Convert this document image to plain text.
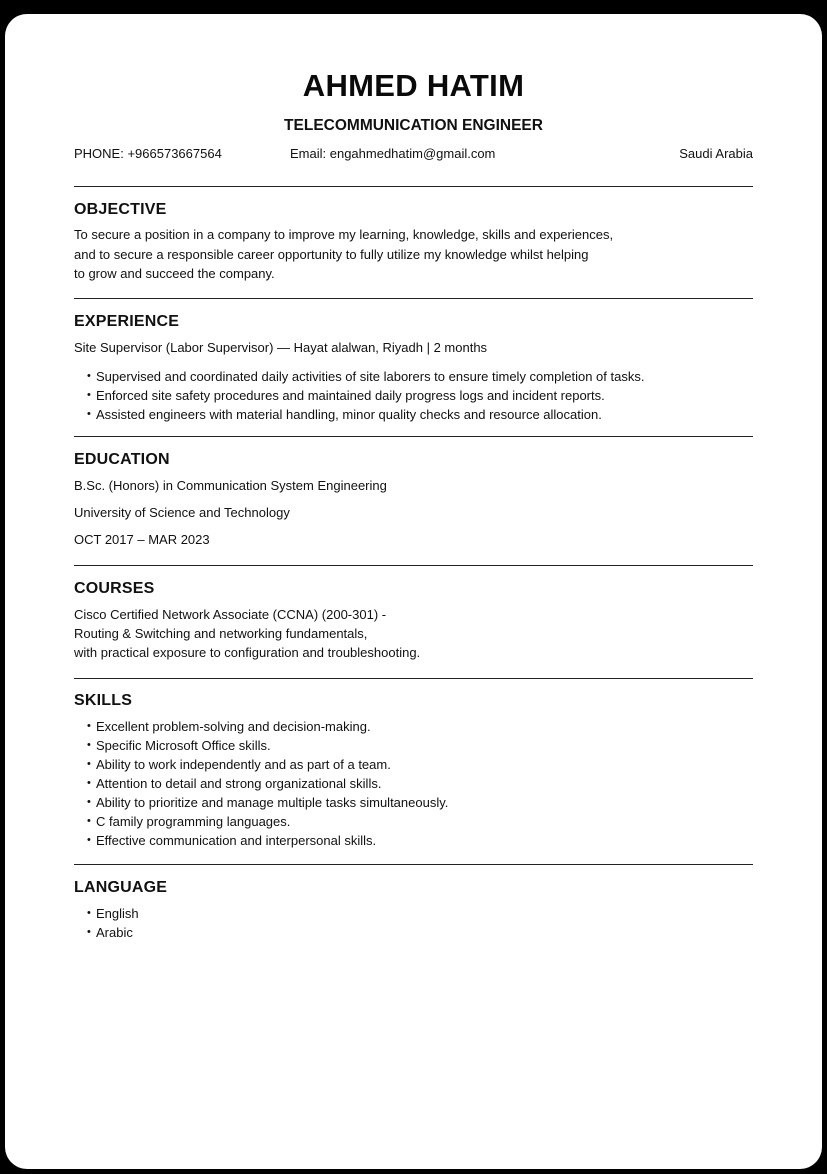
AHMED HATIM
TELECOMMUNICATION ENGINEER
PHONE: +966573667564	Email: engahmedhatim@gmail.com	Saudi Arabia
OBJECTIVE

To secure a position in a company to improve my learning, knowledge, skills and experiences,

and to secure a responsible career opportunity to fully utilize my knowledge whilst helping

to grow and succeed the company.

EXPERIENCE

Site Supervisor (Labor Supervisor) — Hayat alalwan, Riyadh | 2 months

• Supervised and coordinated daily activities of site laborers to ensure timely completion of tasks.
• Enforced site safety procedures and maintained daily progress logs and incident reports.
• Assisted engineers with material handling, minor quality checks and resource allocation.
EDUCATION

B.Sc. (Honors) in Communication System Engineering

University of Science and Technology

OCT 2017 – MAR 2023

COURSES

Cisco Certified Network Associate (CCNA) (200-301) -

Routing & Switching and networking fundamentals,

with practical exposure to configuration and troubleshooting.

SKILLS
• Excellent problem-solving and decision-making.
• Specific Microsoft Office skills.
• Ability to work independently and as part of a team.
• Attention to detail and strong organizational skills.
• Ability to prioritize and manage multiple tasks simultaneously.
• C family programming languages.
• Effective communication and interpersonal skills.
LANGUAGE
• English
• Arabic
